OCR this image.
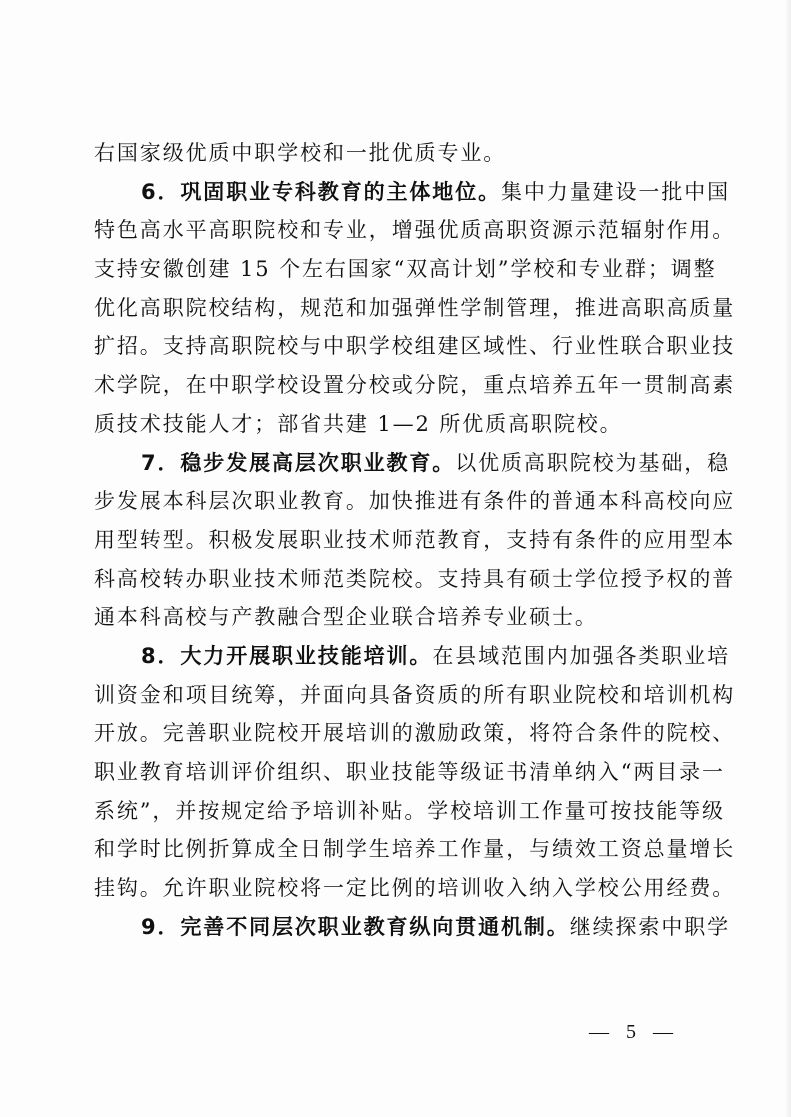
右国家级优质中职学校和一批优质专业。
6．巩固职业专科教育的主体地位。集中力量建设一批中国
特色高水平高职院校和专业，增强优质高职资源示范辐射作用。
支持安徽创建 15 个左右国家“双高计划”学校和专业群；调整
优化高职院校结构，规范和加强弹性学制管理，推进高职高质量
扩招。支持高职院校与中职学校组建区域性、行业性联合职业技
术学院，在中职学校设置分校或分院，重点培养五年一贯制高素
质技术技能人才；部省共建 1—2 所优质高职院校。
7．稳步发展高层次职业教育。以优质高职院校为基础，稳
步发展本科层次职业教育。加快推进有条件的普通本科高校向应
用型转型。积极发展职业技术师范教育，支持有条件的应用型本
科高校转办职业技术师范类院校。支持具有硕士学位授予权的普
通本科高校与产教融合型企业联合培养专业硕士。
8．大力开展职业技能培训。在县域范围内加强各类职业培
训资金和项目统筹，并面向具备资质的所有职业院校和培训机构
开放。完善职业院校开展培训的激励政策，将符合条件的院校、
职业教育培训评价组织、职业技能等级证书清单纳入“两目录一
系统”，并按规定给予培训补贴。学校培训工作量可按技能等级
和学时比例折算成全日制学生培养工作量，与绩效工资总量增长
挂钩。允许职业院校将一定比例的培训收入纳入学校公用经费。
9．完善不同层次职业教育纵向贯通机制。继续探索中职学
— 5 —
